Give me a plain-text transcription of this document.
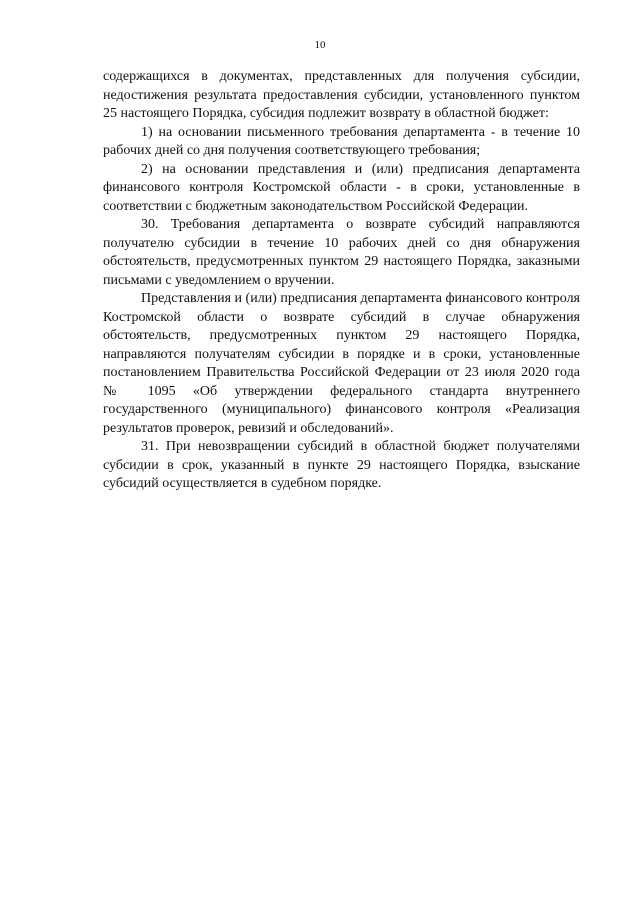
10

содержащихся в документах, представленных для получения субсидии, недостижения результата предоставления субсидии, установленного пунктом 25 настоящего Порядка, субсидия подлежит возврату в областной бюджет:

1) на основании письменного требования департамента - в течение 10 рабочих дней со дня получения соответствующего требования;

2) на основании представления и (или) предписания департамента финансового контроля Костромской области - в сроки, установленные в соответствии с бюджетным законодательством Российской Федерации.

30. Требования департамента о возврате субсидий направляются получателю субсидии в течение 10 рабочих дней со дня обнаружения обстоятельств, предусмотренных пунктом 29 настоящего Порядка, заказными письмами с уведомлением о вручении.

Представления и (или) предписания департамента финансового контроля Костромской области о возврате субсидий в случае обнаружения обстоятельств, предусмотренных пунктом 29 настоящего Порядка, направляются получателям субсидии в порядке и в сроки, установленные постановлением Правительства Российской Федерации от 23 июля 2020 года № 1095 «Об утверждении федерального стандарта внутреннего государственного (муниципального) финансового контроля «Реализация результатов проверок, ревизий и обследований».

31. При невозвращении субсидий в областной бюджет получателями субсидии в срок, указанный в пункте 29 настоящего Порядка, взыскание субсидий осуществляется в судебном порядке.
